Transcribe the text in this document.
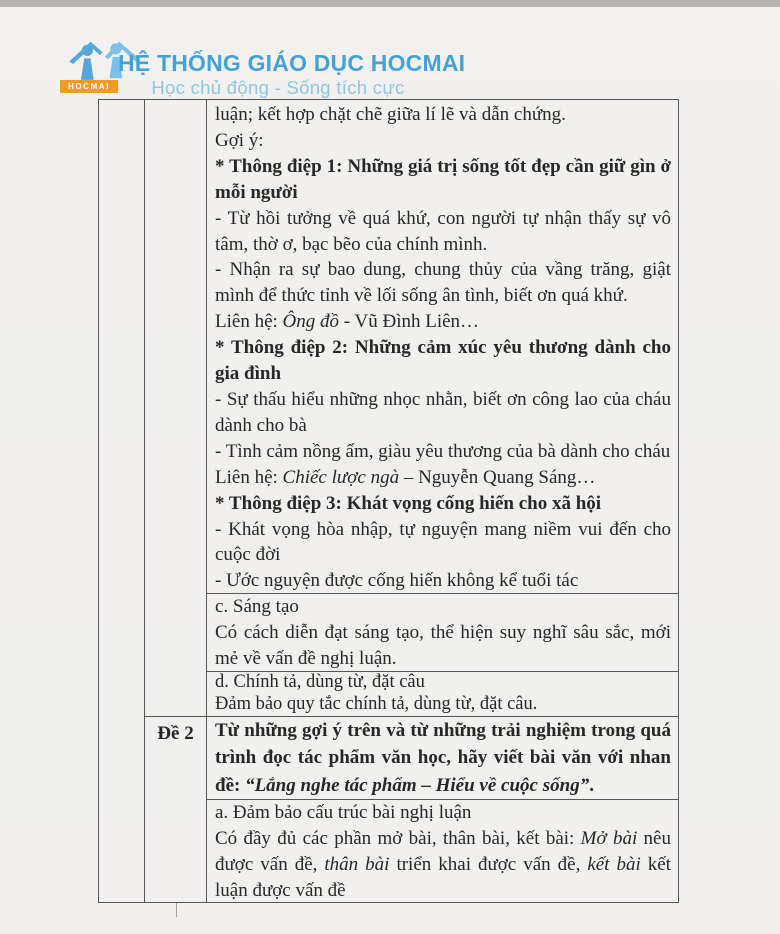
HOCMAI
HỆ THỐNG GIÁO DỤC HOCMAI
Học chủ động - Sống tích cực

luận; kết hợp chặt chẽ giữa lí lẽ và dẫn chứng.

Gợi ý:

* Thông điệp 1: Những giá trị sống tốt đẹp cần giữ gìn ở mỗi người

- Từ hồi tưởng về quá khứ, con người tự nhận thấy sự vô tâm, thờ ơ, bạc bẽo của chính mình.

- Nhận ra sự bao dung, chung thủy của vầng trăng, giật mình để thức tỉnh về lối sống ân tình, biết ơn quá khứ.

Liên hệ: Ông đồ - Vũ Đình Liên…

* Thông điệp 2: Những cảm xúc yêu thương dành cho gia đình

- Sự thấu hiểu những nhọc nhằn, biết ơn công lao của cháu dành cho bà

- Tình cảm nồng ấm, giàu yêu thương của bà dành cho cháu

Liên hệ: Chiếc lược ngà – Nguyễn Quang Sáng…

* Thông điệp 3: Khát vọng cống hiến cho xã hội

- Khát vọng hòa nhập, tự nguyện mang niềm vui đến cho cuộc đời

- Ước nguyện được cống hiến không kể tuổi tác

c. Sáng tạo

Có cách diễn đạt sáng tạo, thể hiện suy nghĩ sâu sắc, mới mẻ về vấn đề nghị luận.

d. Chính tả, dùng từ, đặt câu

Đảm bảo quy tắc chính tả, dùng từ, đặt câu.

Đề 2	Từ những gợi ý trên và từ những trải nghiệm trong quá trình đọc tác phẩm văn học, hãy viết bài văn với nhan đề: “Lắng nghe tác phẩm – Hiểu về cuộc sống”.

a. Đảm bảo cấu trúc bài nghị luận

Có đầy đủ các phần mở bài, thân bài, kết bài: Mở bài nêu được vấn đề, thân bài triển khai được vấn đề, kết bài kết luận được vấn đề
